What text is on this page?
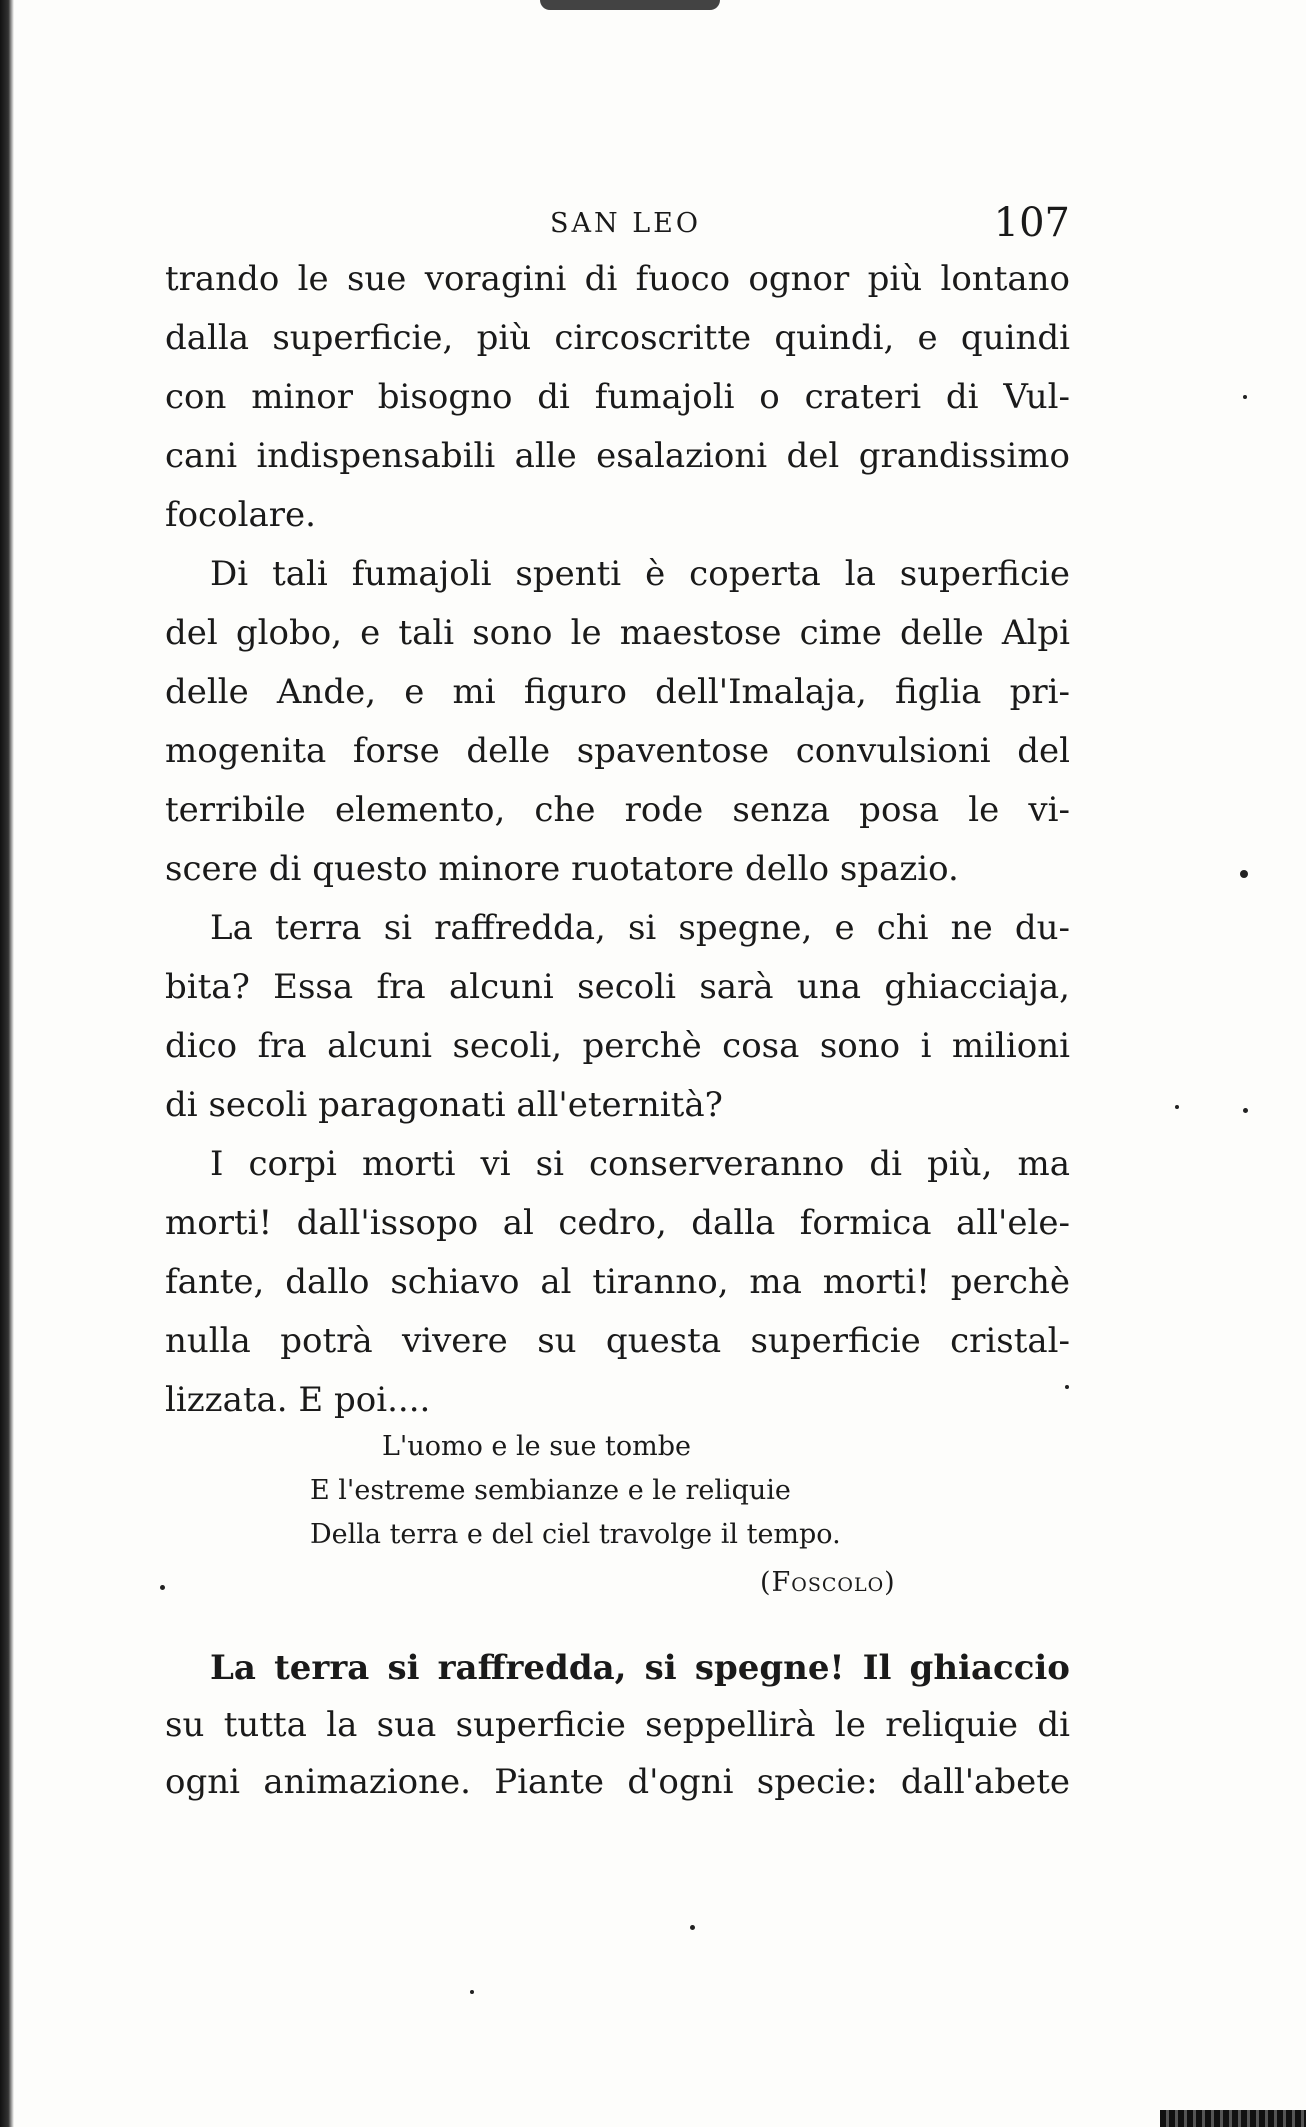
SAN LEO	107
trando le sue voragini di fuoco ognor più lontano
dalla superficie, più circoscritte quindi, e quindi
con minor bisogno di fumajoli o crateri di Vul-
cani indispensabili alle esalazioni del grandissimo
focolare.
Di tali fumajoli spenti è coperta la superficie
del globo, e tali sono le maestose cime delle Alpi
delle Ande, e mi figuro dell'Imalaja, figlia pri-
mogenita forse delle spaventose convulsioni del
terribile elemento, che rode senza posa le vi-
scere di questo minore ruotatore dello spazio.
La terra si raffredda, si spegne, e chi ne du-
bita? Essa fra alcuni secoli sarà una ghiacciaja,
dico fra alcuni secoli, perchè cosa sono i milioni
di secoli paragonati all'eternità?
I corpi morti vi si conserveranno di più, ma
morti! dall'issopo al cedro, dalla formica all'ele-
fante, dallo schiavo al tiranno, ma morti! perchè
nulla potrà vivere su questa superficie cristal-
lizzata. E poi....
L'uomo e le sue tombe
E l'estreme sembianze e le reliquie
Della terra e del ciel travolge il tempo.
(Foscolo)
La terra si raffredda, si spegne! Il ghiaccio
su tutta la sua superficie seppellirà le reliquie di
ogni animazione. Piante d'ogni specie: dall'abete
